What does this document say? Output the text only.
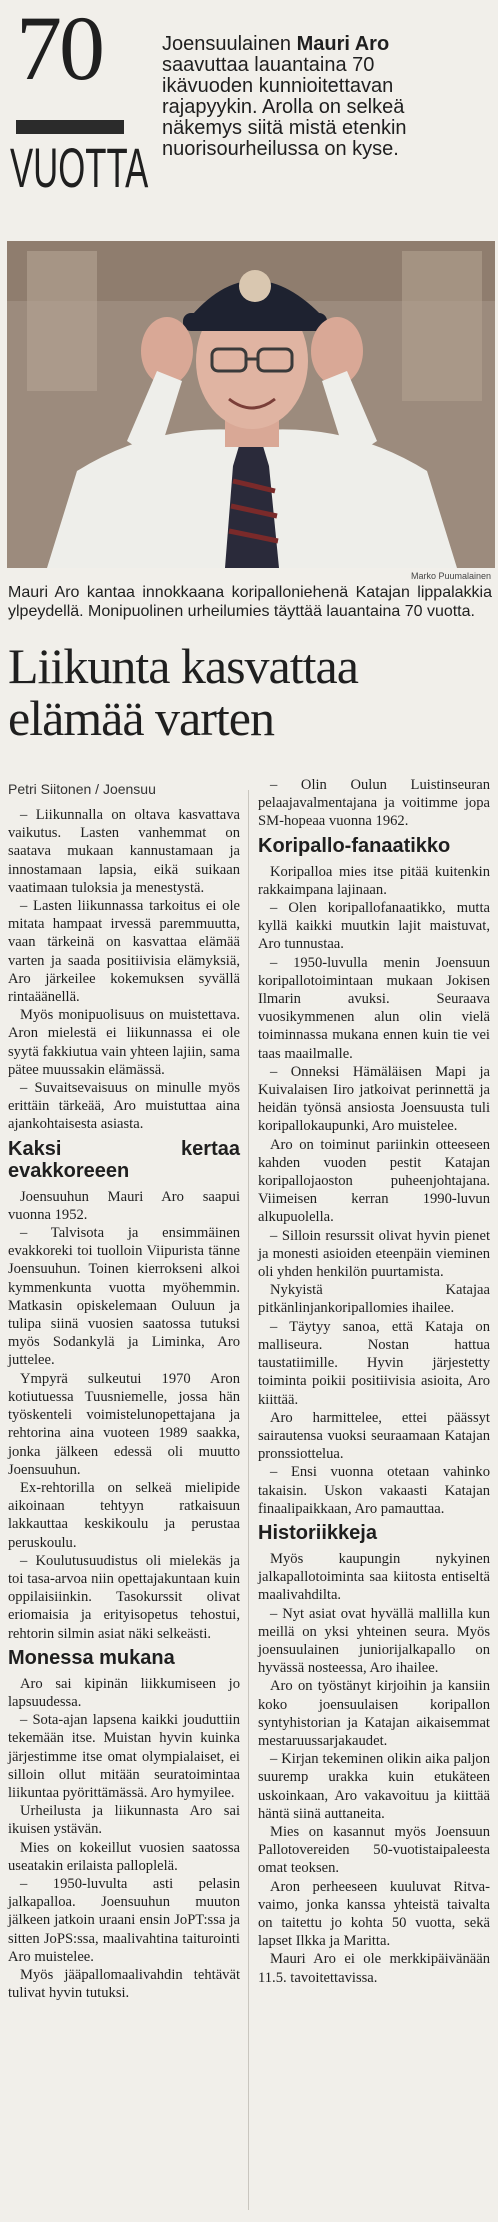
70
VUOTTA
Joensuulainen Mauri Aro saavuttaa lauantaina 70 ikävuoden kunnioitettavan rajapyykin. Arolla on selkeä näkemys siitä mistä etenkin nuorisourheilussa on kyse.
Marko Puumalainen
Mauri Aro kantaa innokkaana koripalloniehenä Katajan lippalakkia ylpeydellä. Monipuolinen urheilumies täyttää lauantaina 70 vuotta.
Liikunta kasvattaa elämää varten
Petri Siitonen / Joensuu

– Liikunnalla on oltava kasvattava vaikutus. Lasten vanhemmat on saatava mukaan kannustamaan ja innostamaan lapsia, eikä suikaan vaatimaan tuloksia ja menestystä.

– Lasten liikunnassa tarkoitus ei ole mitata hampaat irvessä paremmuutta, vaan tärkeinä on kasvattaa elämää varten ja saada positiivisia elämyksiä, Aro järkeilee kokemuksen syvällä rintaäänellä.

Myös monipuolisuus on muistettava. Aron mielestä ei liikunnassa ei ole syytä fakkiutua vain yhteen lajiin, sama pätee muussakin elämässä.

– Suvaitsevaisuus on minulle myös erittäin tärkeää, Aro muistuttaa aina ajankohtaisesta asiasta.

Kaksi kertaa evakkoreeen

Joensuuhun Mauri Aro saapui vuonna 1952.

– Talvisota ja ensimmäinen evakkoreki toi tuolloin Viipurista tänne Joensuuhun. Toinen kierrokseni alkoi kymmenkunta vuotta myöhemmin. Matkasin opiskelemaan Ouluun ja tulipa siinä vuosien saatossa tutuksi myös Sodankylä ja Liminka, Aro juttelee.

Ympyrä sulkeutui 1970 Aron kotiutuessa Tuusniemelle, jossa hän työskenteli voimistelunopettajana ja rehtorina aina vuoteen 1989 saakka, jonka jälkeen edessä oli muutto Joensuuhun.

Ex-rehtorilla on selkeä mielipide aikoinaan tehtyyn ratkaisuun lakkauttaa keskikoulu ja perustaa peruskoulu.

– Koulutusuudistus oli mielekäs ja toi tasa-arvoa niin opettajakuntaan kuin oppilaisiinkin. Tasokurssit olivat eriomaisia ja erityisopetus tehostui, rehtorin silmin asiat näki selkeästi.

Monessa mukana

Aro sai kipinän liikkumiseen jo lapsuudessa.

– Sota-ajan lapsena kaikki jouduttiin tekemään itse. Muistan hyvin kuinka järjestimme itse omat olympialaiset, ei silloin ollut mitään seuratoimintaa liikuntaa pyörittämässä. Aro hymyilee.

Urheilusta ja liikunnasta Aro sai ikuisen ystävän.

Mies on kokeillut vuosien saatossa useatakin erilaista palloplelä.

– 1950-luvulta asti pelasin jalkapalloa. Joensuuhun muuton jälkeen jatkoin uraani ensin JoPT:ssa ja sitten JoPS:ssa, maalivahtina taiturointi Aro muistelee.

Myös jääpallomaalivahdin tehtävät tulivat hyvin tutuksi.

– Olin Oulun Luistinseuran pelaajavalmentajana ja voitimme jopa SM-hopeaa vuonna 1962.

Koripallo-fanaatikko

Koripalloa mies itse pitää kuitenkin rakkaimpana lajinaan.

– Olen koripallofanaatikko, mutta kyllä kaikki muutkin lajit maistuvat, Aro tunnustaa.

– 1950-luvulla menin Joensuun koripallotoimintaan mukaan Jokisen Ilmarin avuksi. Seuraava vuosikymmenen alun olin vielä toiminnassa mukana ennen kuin tie vei taas maailmalle.

– Onneksi Hämäläisen Mapi ja Kuivalaisen Iiro jatkoivat perinnettä ja heidän työnsä ansiosta Joensuusta tuli koripallokaupunki, Aro muistelee.

Aro on toiminut pariinkin otteeseen kahden vuoden pestit Katajan koripallojaoston puheenjohtajana. Viimeisen kerran 1990-luvun alkupuolella.

– Silloin resurssit olivat hyvin pienet ja monesti asioiden eteenpäin vieminen oli yhden henkilön puurtamista.

Nykyistä Katajaa pitkänlinjankoripallomies ihailee.

– Täytyy sanoa, että Kataja on malliseura. Nostan hattua taustatiimille. Hyvin järjestetty toiminta poikii positiivisia asioita, Aro kiittää.

Aro harmittelee, ettei päässyt sairautensa vuoksi seuraamaan Katajan pronssiotteluа.

– Ensi vuonna otetaan vahinko takaisin. Uskon vakaasti Katajan finaalipaikkaan, Aro pamauttaa.

Historiikkeja

Myös kaupungin nykyinen jalkapallotoiminta saa kiitosta entiseltä maalivahdilta.

– Nyt asiat ovat hyvällä mallilla kun meillä on yksi yhteinen seura. Myös joensuulainen juniorijalkapallo on hyvässä nosteessa, Aro ihailee.

Aro on työstänyt kirjoihin ja kansiin koko joensuulaisen koripallon syntyhistorian ja Katajan aikaisemmat mestaruussarjakaudet.

– Kirjan tekeminen olikin aika paljon suuremp urakka kuin etukäteen uskoinkaan, Aro vakavoituu ja kiittää häntä siinä auttaneita.

Mies on kasannut myös Joensuun Pallotovereiden 50-vuotistaipaleesta omat teoksen.

Aron perheeseen kuuluvat Ritva-vaimo, jonka kanssa yhteistä taivalta on taitettu jo kohta 50 vuotta, sekä lapset Ilkka ja Maritta.

Mauri Aro ei ole merkkipäivänään 11.5. tavoitettavissa.
